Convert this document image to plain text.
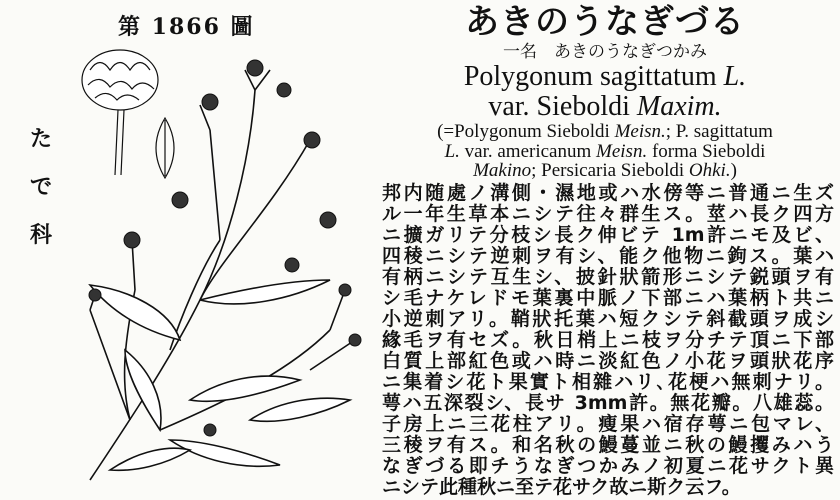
第 1866 圖
た
で
科
あきのうなぎづる
一名　あきのうなぎつかみ
Polygonum sagittatum L.
var. Sieboldi Maxim.
(=Polygonum Sieboldi Meisn.; P. sagittatum
L. var. americanum Meisn. forma Sieboldi
Makino; Persicaria Sieboldi Ohki.)
邦内随處ノ溝側・濕地或ハ水傍等ニ普通ニ生ズ
ル一年生草本ニシテ往々群生ス。莖ハ長ク四方
ニ擴ガリテ分枝シ長ク伸ビテ 1m許ニモ及ビ、
四稜ニシテ逆刺ヲ有シ、能ク他物ニ鉤ス。葉ハ
有柄ニシテ互生シ、披針狀箭形ニシテ鋭頭ヲ有
シ毛ナケレドモ葉裏中脈ノ下部ニハ葉柄ト共ニ
小逆刺アリ。鞘狀托葉ハ短クシテ斜截頭ヲ成シ
緣毛ヲ有セズ。秋日梢上ニ枝ヲ分チテ頂ニ下部
白質上部紅色或ハ時ニ淡紅色ノ小花ヲ頭狀花序
ニ集着シ花ト果實ト相雜ハリ､花梗ハ無刺ナリ。
萼ハ五深裂シ、長サ 3mm許。無花瓣。八雄蕊。
子房上ニ三花柱アリ。瘦果ハ宿存萼ニ包マレ、
三稜ヲ有ス。和名秋の鰻蔓並ニ秋の鰻攫みハう
なぎづる即チうなぎつかみノ初夏ニ花サクト異
ニシテ此種秋ニ至テ花サク故ニ斯ク云フ。
